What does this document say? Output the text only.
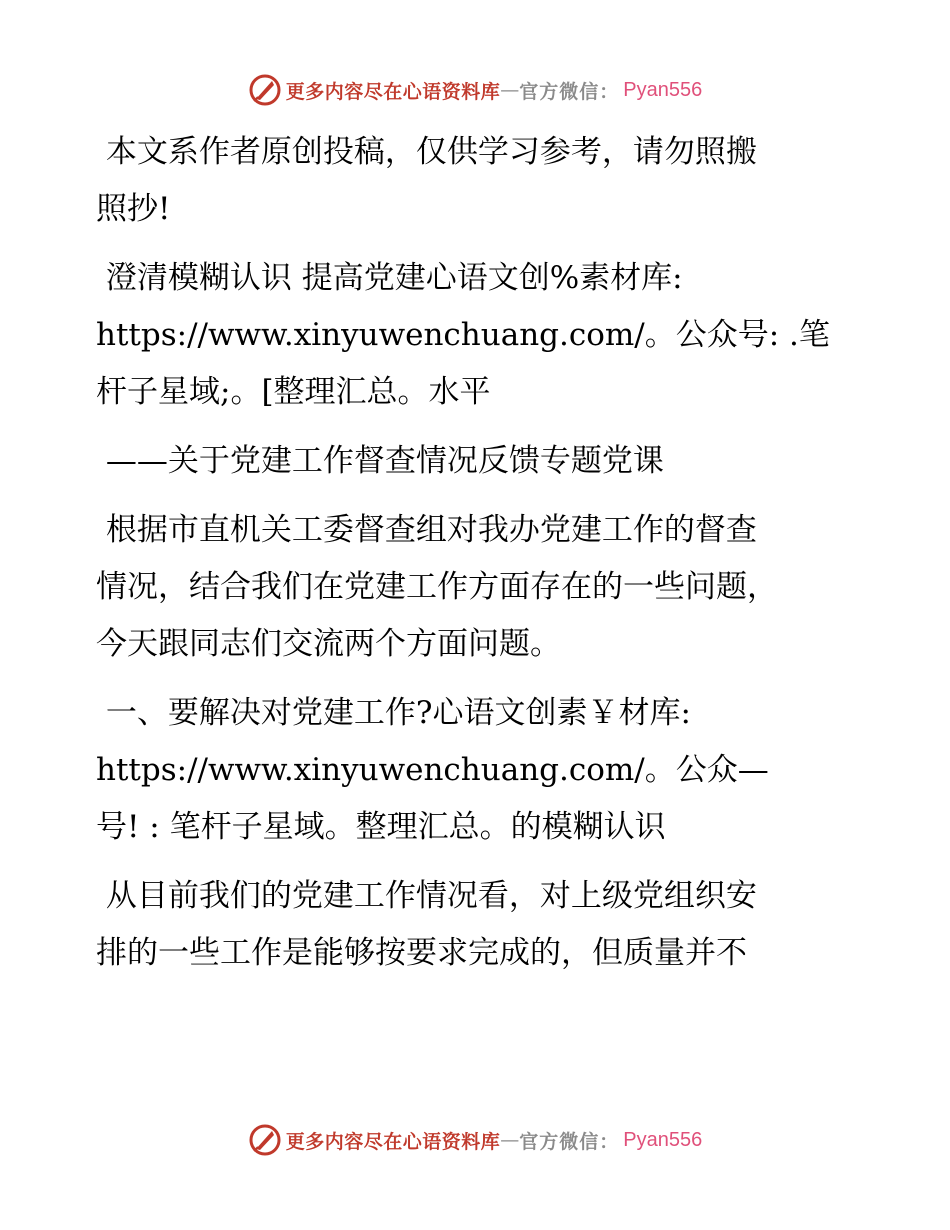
更多内容尽在心语资料库 — 官方微信： Pyan556

本文系作者原创投稿，仅供学习参考，请勿照搬
照抄!

澄清模糊认识 提高党建心语文创%素材库:
https://www.xinyuwenchuang.com/。公众号: .笔
杆子星域;。[整理汇总。水平

——关于党建工作督查情况反馈专题党课

根据市直机关工委督查组对我办党建工作的督查
情况，结合我们在党建工作方面存在的一些问题，
今天跟同志们交流两个方面问题。

一、要解决对党建工作?心语文创素￥材库:
https://www.xinyuwenchuang.com/。公众—
号! : 笔杆子星域。整理汇总。的模糊认识

从目前我们的党建工作情况看，对上级党组织安
排的一些工作是能够按要求完成的，但质量并不

更多内容尽在心语资料库 — 官方微信： Pyan556
